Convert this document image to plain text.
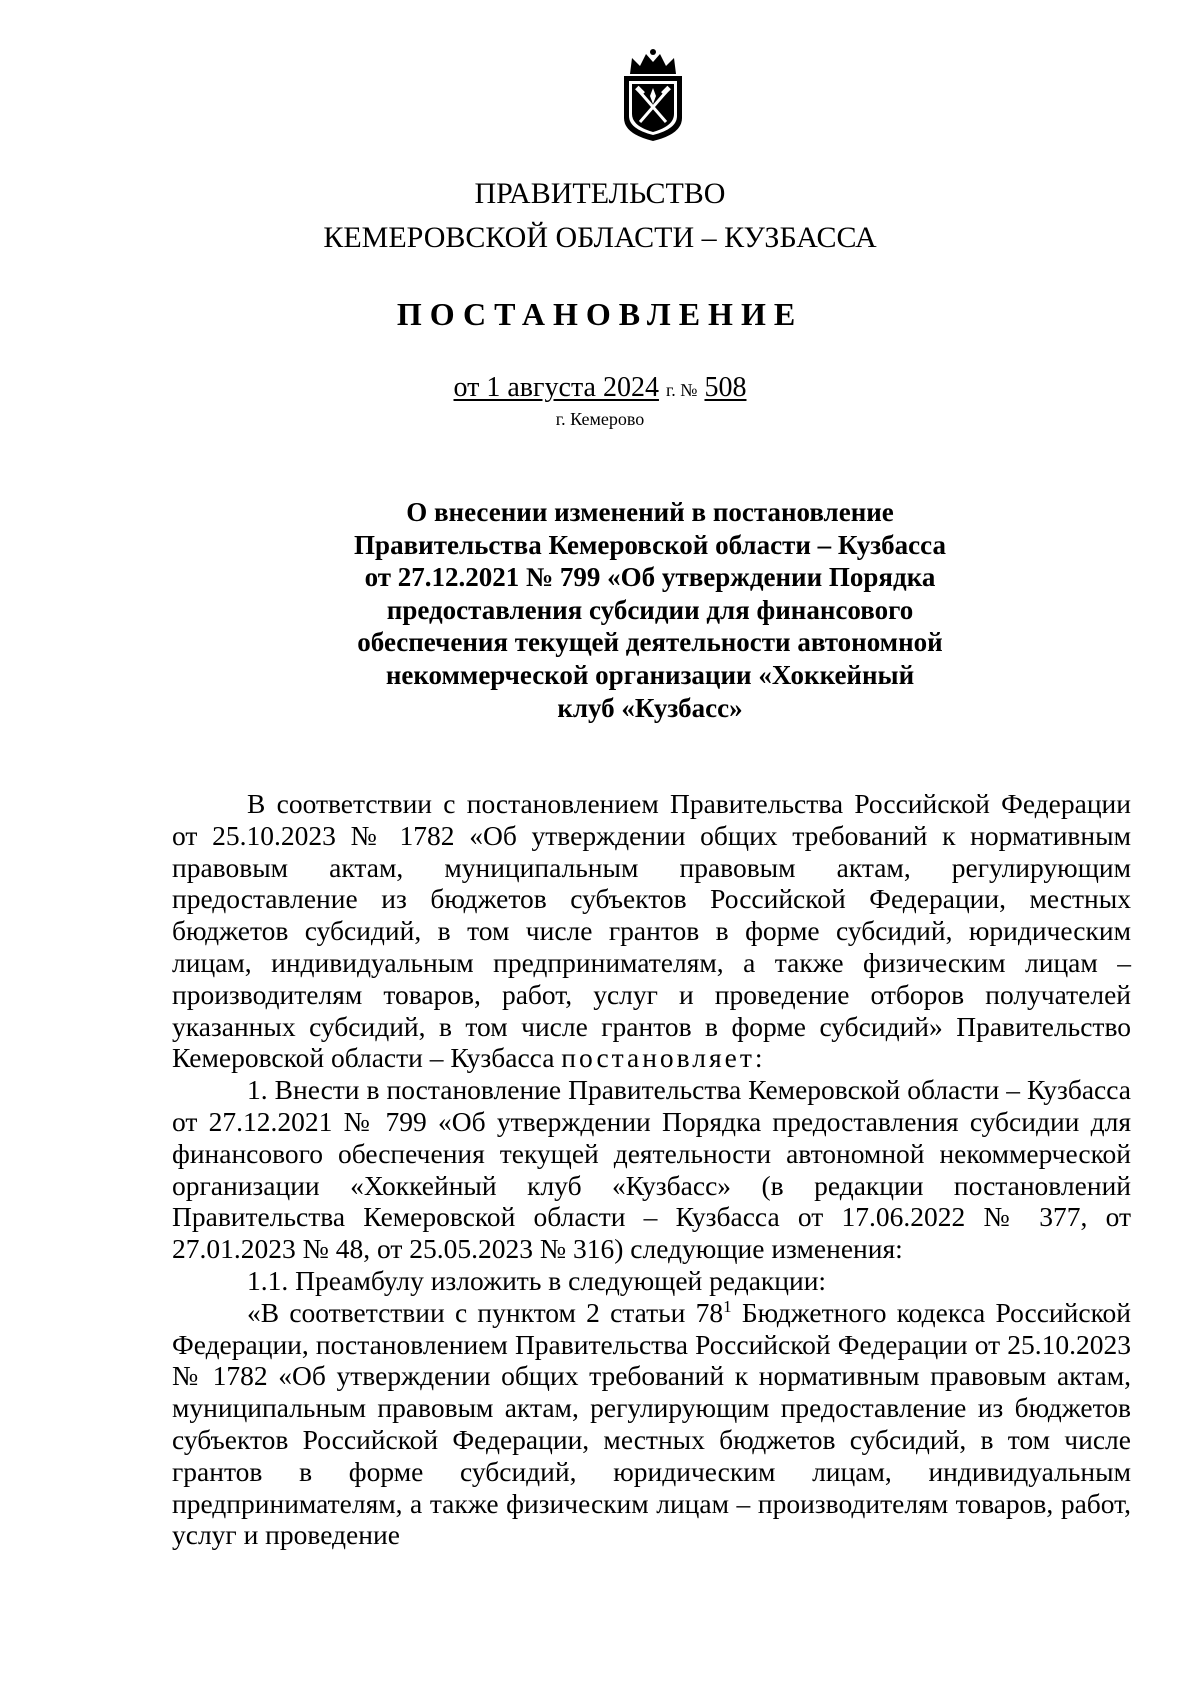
ПРАВИТЕЛЬСТВО
КЕМЕРОВСКОЙ ОБЛАСТИ – КУЗБАССА
ПОСТАНОВЛЕНИЕ
от 1 августа 2024 г. № 508
г. Кемерово
О внесении изменений в постановление
Правительства Кемеровской области – Кузбасса
от 27.12.2021 № 799 «Об утверждении Порядка
предоставления субсидии для финансового
обеспечения текущей деятельности автономной
некоммерческой организации «Хоккейный
клуб «Кузбасс»

В соответствии с постановлением Правительства Российской Федерации от 25.10.2023 № 1782 «Об утверждении общих требований к нормативным правовым актам, муниципальным правовым актам, регулирующим предоставление из бюджетов субъектов Российской Федерации, местных бюджетов субсидий, в том числе грантов в форме субсидий, юридическим лицам, индивидуальным предпринимателям, а также физическим лицам – производителям товаров, работ, услуг и проведение отборов получателей указанных субсидий, в том числе грантов в форме субсидий» Правительство Кемеровской области – Кузбасса постановляет:

1. Внести в постановление Правительства Кемеровской области – Кузбасса от 27.12.2021 № 799 «Об утверждении Порядка предоставления субсидии для финансового обеспечения текущей деятельности автономной некоммерческой организации «Хоккейный клуб «Кузбасс» (в редакции постановлений Правительства Кемеровской области – Кузбасса от 17.06.2022 № 377, от 27.01.2023 № 48, от 25.05.2023 № 316) следующие изменения:

1.1. Преамбулу изложить в следующей редакции:

«В соответствии с пунктом 2 статьи $78^1$ Бюджетного кодекса Российской Федерации, постановлением Правительства Российской Федерации от 25.10.2023 № 1782 «Об утверждении общих требований к нормативным правовым актам, муниципальным правовым актам, регулирующим предоставление из бюджетов субъектов Российской Федерации, местных бюджетов субсидий, в том числе грантов в форме субсидий, юридическим лицам, индивидуальным предпринимателям, а также физическим лицам – производителям товаров, работ, услуг и проведение
